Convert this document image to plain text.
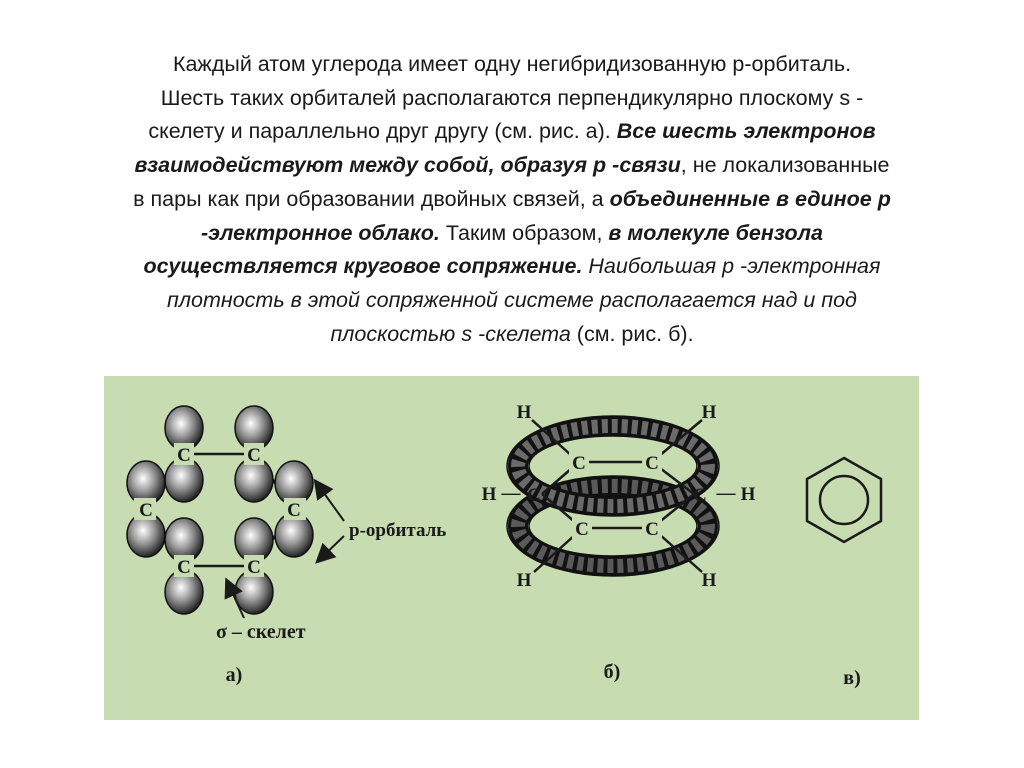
Каждый атом углерода имеет одну негибридизованную p-орбиталь.
Шесть таких орбиталей располагаются перпендикулярно плоскому s -
скелету и параллельно друг другу (см. рис. а). Все шесть электронов
взаимодействуют между собой, образуя p -связи, не локализованные
в пары как при образовании двойных связей, а объединенные в единое p
-электронное облако. Таким образом, в молекуле бензола
осуществляется круговое сопряжение. Наибольшая p -электронная
плотность в этой сопряженной системе располагается над и под
плоскостью s -скелета (см. рис. б).
C	C
C	C
C	C
p-орбиталь
σ – скелет
а)
C	C
C	C
C	C
H	H
H	H
H —	— H
б)	в)
